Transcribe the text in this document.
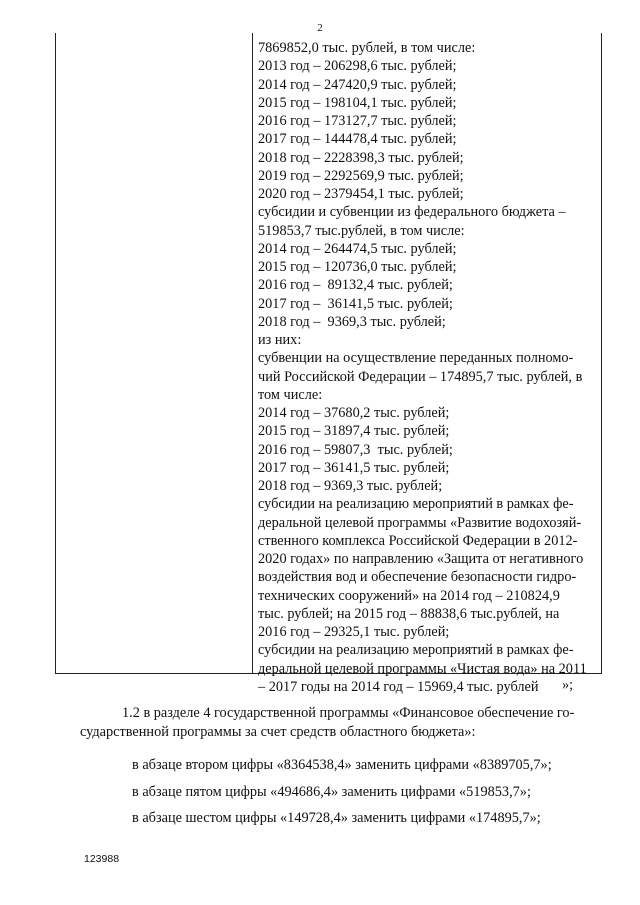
2
7869852,0 тыс. рублей, в том числе:
2013 год – 206298,6 тыс. рублей;
2014 год – 247420,9 тыс. рублей;
2015 год – 198104,1 тыс. рублей;
2016 год – 173127,7 тыс. рублей;
2017 год – 144478,4 тыс. рублей;
2018 год – 2228398,3 тыс. рублей;
2019 год – 2292569,9 тыс. рублей;
2020 год – 2379454,1 тыс. рублей;
субсидии и субвенции из федерального бюджета –
519853,7 тыс.рублей, в том числе:
2014 год – 264474,5 тыс. рублей;
2015 год – 120736,0 тыс. рублей;
2016 год –  89132,4 тыс. рублей;
2017 год –  36141,5 тыс. рублей;
2018 год –  9369,3 тыс. рублей;
из них:
субвенции на осуществление переданных полномо-
чий Российской Федерации – 174895,7 тыс. рублей, в
том числе:
2014 год – 37680,2 тыс. рублей;
2015 год – 31897,4 тыс. рублей;
2016 год – 59807,3  тыс. рублей;
2017 год – 36141,5 тыс. рублей;
2018 год – 9369,3 тыс. рублей;
субсидии на реализацию мероприятий в рамках фе-
деральной целевой программы «Развитие водохозяй-
ственного комплекса Российской Федерации в 2012-
2020 годах» по направлению «Защита от негативного
воздействия вод и обеспечение безопасности гидро-
технических сооружений» на 2014 год – 210824,9
тыс. рублей; на 2015 год – 88838,6 тыс.рублей, на
2016 год – 29325,1 тыс. рублей;
субсидии на реализацию мероприятий в рамках фе-
деральной целевой программы «Чистая вода» на 2011
– 2017 годы на 2014 год – 15969,4 тыс. рублей	»;
1.2 в разделе 4 государственной программы «Финансовое обеспечение го-
сударственной программы за счет средств областного бюджета»:
в абзаце втором цифры «8364538,4» заменить цифрами «8389705,7»;
в абзаце пятом цифры «494686,4» заменить цифрами «519853,7»;
в абзаце шестом цифры «149728,4» заменить цифрами «174895,7»;
123988
